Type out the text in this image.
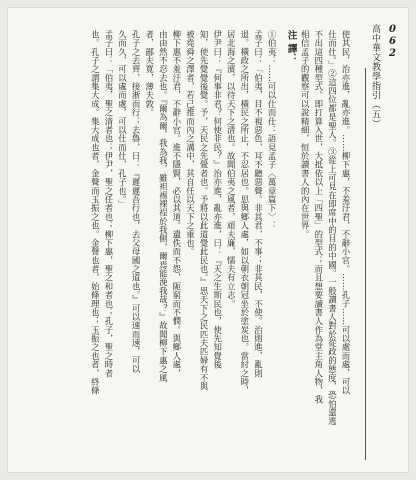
高中華文教學指引（五） 062
使其民，治亦進，亂亦進。……柳下惠，不羞汙君，不辭小官。……孔子……可以處而處，可以
仕而仕。」②這四位都是聖人。③從上可見在即席中的目的中國。一般讀書人對於從政的態度，恐怕還逃
不出這四種型式。即打算入世，大抵依以上「四聖」的型式；而且想要讀書人作為堂主角人物，我
相信孟子的觀察可以說精細，恒於讀書人的內在世界。
注 譯：
①伯夷：……可以仕而仕：語見孟子〈萬章篇下〉：
孟子曰：「伯夷，目不視惡色，耳不聽惡聲。非其君，不事；非其民，不使。治則進，亂則
退。橫政之所出，橫民之所止，不忍居也。思與鄉人處，如以朝衣朝冠坐於塗炭也。當紂之時，
居北海之濱，以待天下之清也。故聞伯夷之風者，頑夫廉，懦夫有立志。
伊尹曰：『何事非君？何使非民？』治亦進，亂亦進，曰：『天之生斯民也，使先知覺後
知，使先覺覺後覺。予，天民之先覺者也。予將以此道覺此民也。』思天下之民匹夫匹婦有不與
被堯舜之澤者，若己推而內之溝中，其自任以天下之重也。
柳下惠不羞汙君，不辭小官。進不隱賢，必以其道。遺佚而不怨，阨窮而不憫。與鄉人處，
由由然不忍去也。『爾為爾，我為我，雖袒裼裸裎於我側，爾焉能浼我哉？』故聞柳下惠之風
者，鄙夫寬，薄夫敦。
孔子之去齊，接淅而行；去魯，曰：『遲遲吾行也，去父母國之道也。』可以速而速，可以
久而久，可以處而處，可以仕而仕，孔子也。」
孟子曰：「伯夷，聖之清者也；伊尹，聖之任者也；柳下惠，聖之和者也；孔子，聖之時者
也。孔子之謂集大成。集大成也者，金聲而玉振之也。金聲也者，始條理也；玉振之也者，終條
